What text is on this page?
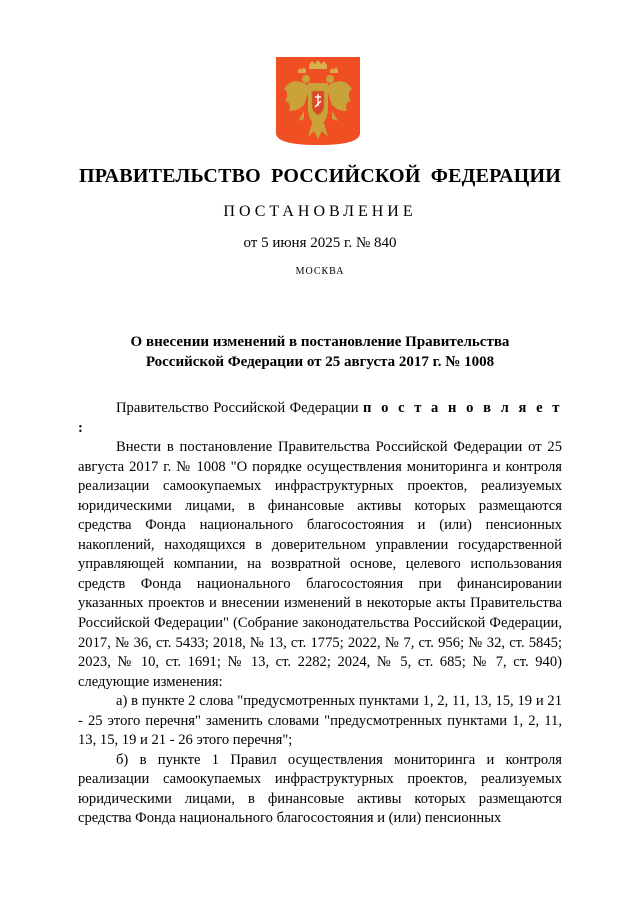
ПРАВИТЕЛЬСТВО РОССИЙСКОЙ ФЕДЕРАЦИИ
ПОСТАНОВЛЕНИЕ
от 5 июня 2025 г. № 840
МОСКВА
О внесении изменений в постановление Правительства
Российской Федерации от 25 августа 2017 г. № 1008

Правительство Российской Федерации п о с т а н о в л я е т :

Внести в постановление Правительства Российской Федерации от 25 августа 2017 г. № 1008 "О порядке осуществления мониторинга и контроля реализации самоокупаемых инфраструктурных проектов, реализуемых юридическими лицами, в финансовые активы которых размещаются средства Фонда национального благосостояния и (или) пенсионных накоплений, находящихся в доверительном управлении государственной управляющей компании, на возвратной основе, целевого использования средств Фонда национального благосостояния при финансировании указанных проектов и внесении изменений в некоторые акты Правительства Российской Федерации" (Собрание законодательства Российской Федерации, 2017, № 36, ст. 5433; 2018, № 13, ст. 1775; 2022, № 7, ст. 956; № 32, ст. 5845; 2023, № 10, ст. 1691; № 13, ст. 2282; 2024, № 5, ст. 685; № 7, ст. 940) следующие изменения:

а) в пункте 2 слова "предусмотренных пунктами 1, 2, 11, 13, 15, 19 и 21 - 25 этого перечня" заменить словами "предусмотренных пунктами 1, 2, 11, 13, 15, 19 и 21 - 26 этого перечня";

б) в пункте 1 Правил осуществления мониторинга и контроля реализации самоокупаемых инфраструктурных проектов, реализуемых юридическими лицами, в финансовые активы которых размещаются средства Фонда национального благосостояния и (или) пенсионных
